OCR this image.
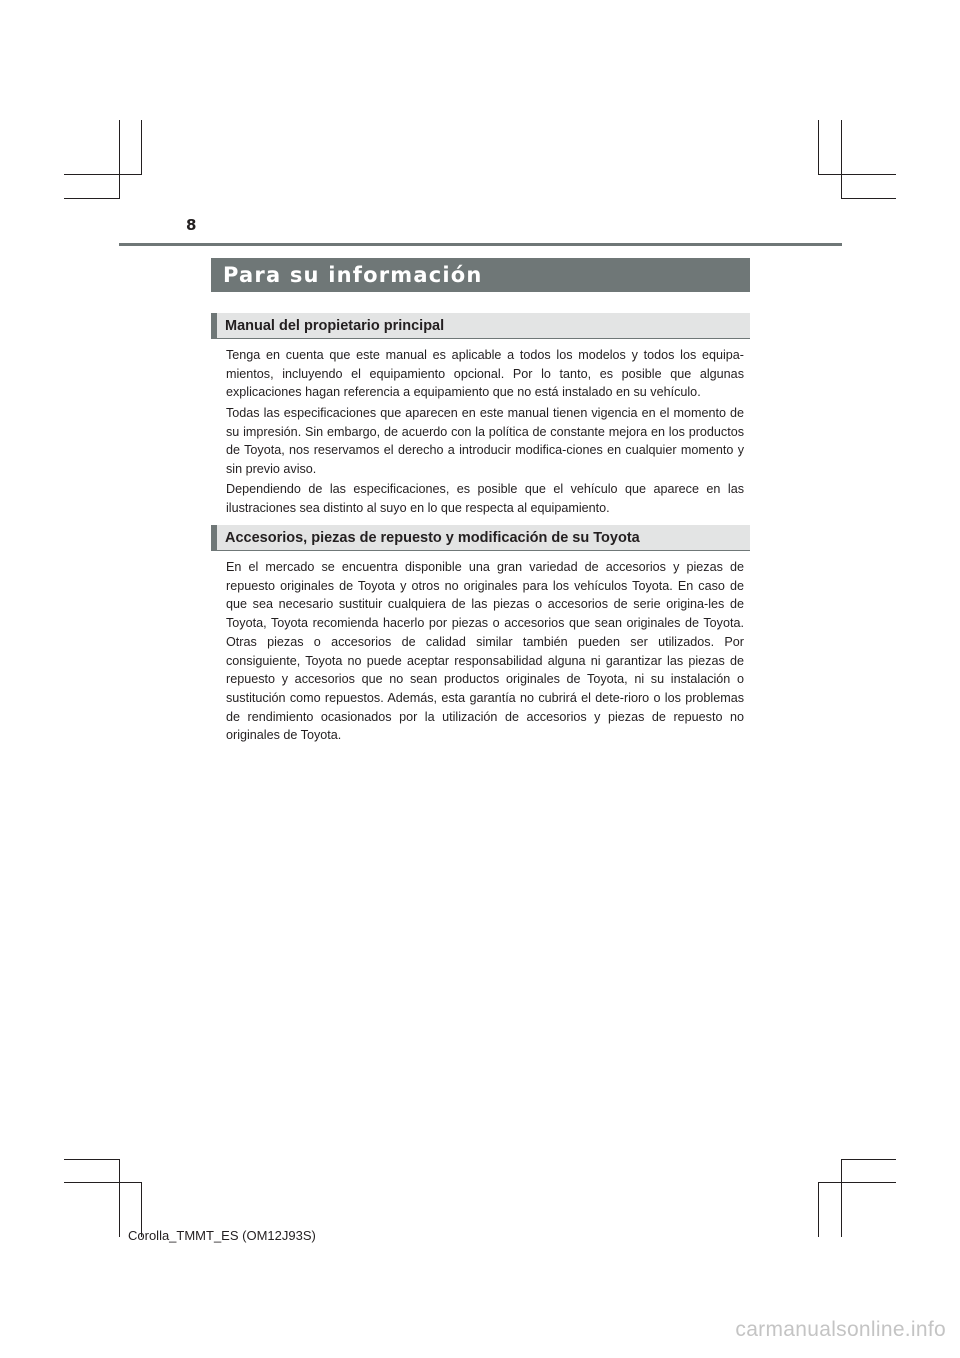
8
Para su información
Manual del propietario principal

Tenga en cuenta que este manual es aplicable a todos los modelos y todos los equipa-mientos, incluyendo el equipamiento opcional. Por lo tanto, es posible que algunas explicaciones hagan referencia a equipamiento que no está instalado en su vehículo.

Todas las especificaciones que aparecen en este manual tienen vigencia en el momento de su impresión. Sin embargo, de acuerdo con la política de constante mejora en los productos de Toyota, nos reservamos el derecho a introducir modifica-ciones en cualquier momento y sin previo aviso.

Dependiendo de las especificaciones, es posible que el vehículo que aparece en las ilustraciones sea distinto al suyo en lo que respecta al equipamiento.

Accesorios, piezas de repuesto y modificación de su Toyota

En el mercado se encuentra disponible una gran variedad de accesorios y piezas de repuesto originales de Toyota y otros no originales para los vehículos Toyota. En caso de que sea necesario sustituir cualquiera de las piezas o accesorios de serie origina-les de Toyota, Toyota recomienda hacerlo por piezas o accesorios que sean originales de Toyota. Otras piezas o accesorios de calidad similar también pueden ser utilizados. Por consiguiente, Toyota no puede aceptar responsabilidad alguna ni garantizar las piezas de repuesto y accesorios que no sean productos originales de Toyota, ni su instalación o sustitución como repuestos. Además, esta garantía no cubrirá el dete-rioro o los problemas de rendimiento ocasionados por la utilización de accesorios y piezas de repuesto no originales de Toyota.

Corolla_TMMT_ES (OM12J93S)
carmanualsonline.info
